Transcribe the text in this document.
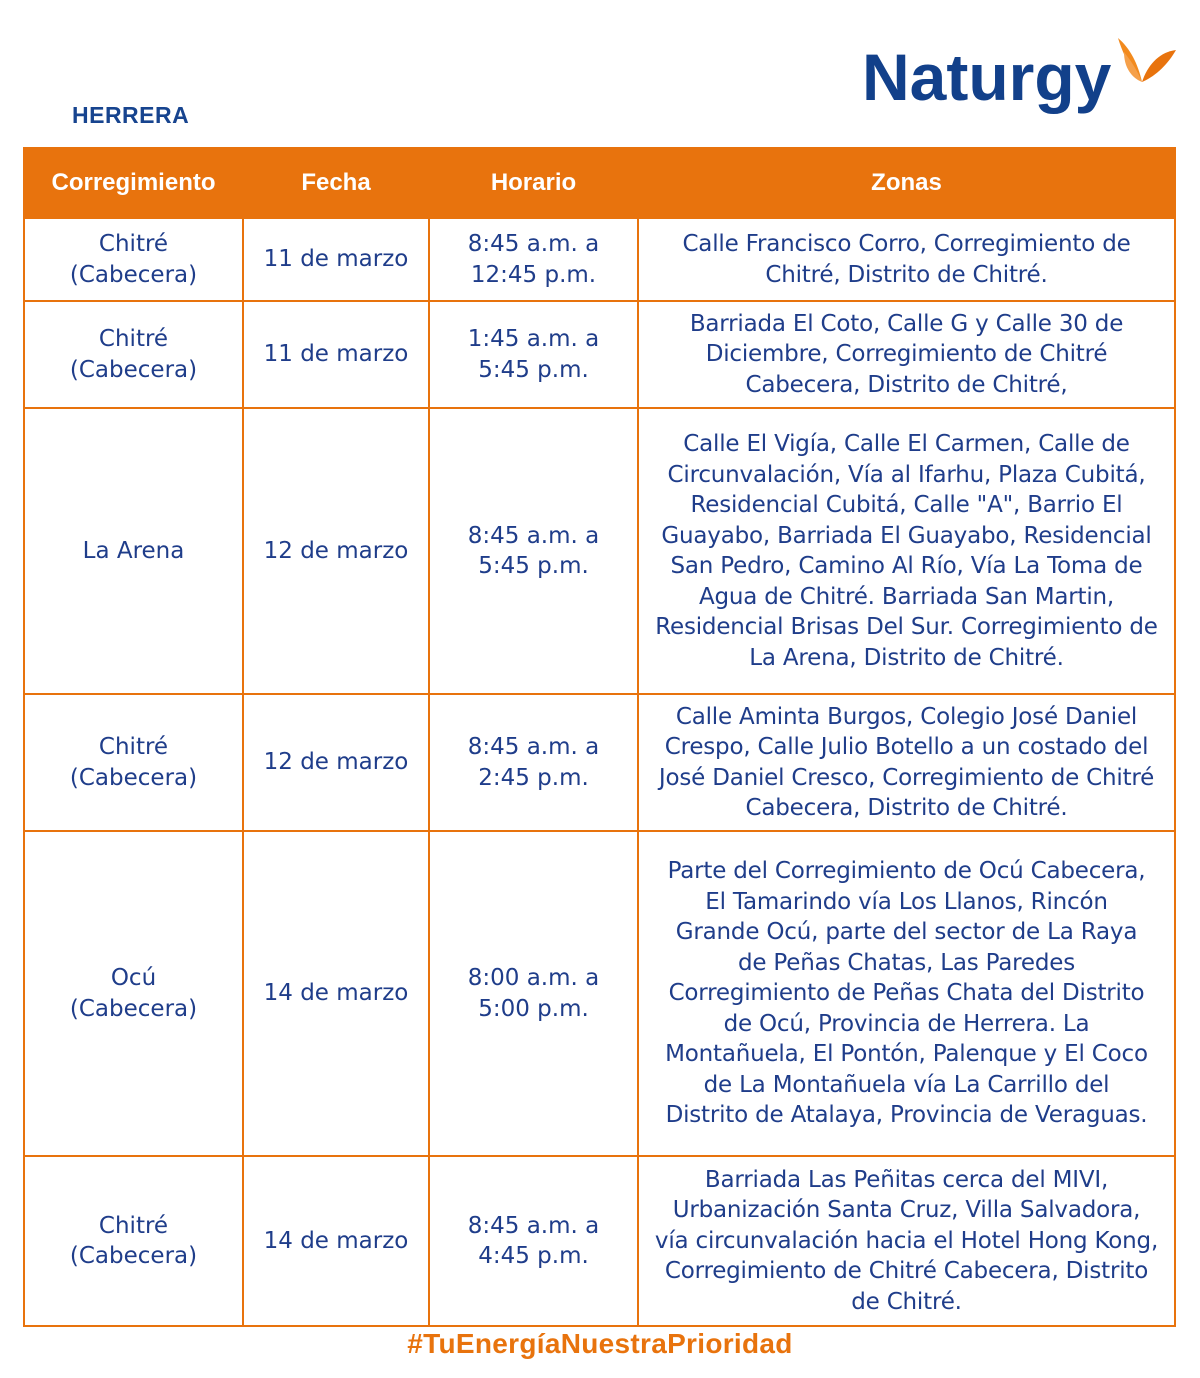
HERRERA
Naturgy
Corregimiento	Fecha	Horario	Zonas
Chitré (Cabecera)	11 de marzo	8:45 a.m. a 12:45 p.m.	Calle Francisco Corro, Corregimiento de Chitré, Distrito de Chitré.
Chitré (Cabecera)	11 de marzo	1:45 a.m. a 5:45 p.m.	Barriada El Coto, Calle G y Calle 30 de Diciembre, Corregimiento de Chitré Cabecera, Distrito de Chitré,
La Arena	12 de marzo	8:45 a.m. a 5:45 p.m.	Calle El Vigía, Calle El Carmen, Calle de Circunvalación, Vía al Ifarhu, Plaza Cubitá, Residencial Cubitá, Calle "A", Barrio El Guayabo, Barriada El Guayabo, Residencial San Pedro, Camino Al Río, Vía La Toma de Agua de Chitré. Barriada San Martin, Residencial Brisas Del Sur. Corregimiento de La Arena, Distrito de Chitré.
Chitré (Cabecera)	12 de marzo	8:45 a.m. a 2:45 p.m.	Calle Aminta Burgos, Colegio José Daniel Crespo, Calle Julio Botello a un costado del José Daniel Cresco, Corregimiento de Chitré Cabecera, Distrito de Chitré.
Ocú (Cabecera)	14 de marzo	8:00 a.m. a 5:00 p.m.	Parte del Corregimiento de Ocú Cabecera, El Tamarindo vía Los Llanos, Rincón Grande Ocú, parte del sector de La Raya de Peñas Chatas, Las Paredes Corregimiento de Peñas Chata del Distrito de Ocú, Provincia de Herrera. La Montañuela, El Pontón, Palenque y El Coco de La Montañuela vía La Carrillo del Distrito de Atalaya, Provincia de Veraguas.
Chitré (Cabecera)	14 de marzo	8:45 a.m. a 4:45 p.m.	Barriada Las Peñitas cerca del MIVI, Urbanización Santa Cruz, Villa Salvadora, vía circunvalación hacia el Hotel Hong Kong, Corregimiento de Chitré Cabecera, Distrito de Chitré.
#TuEnergíaNuestraPrioridad
